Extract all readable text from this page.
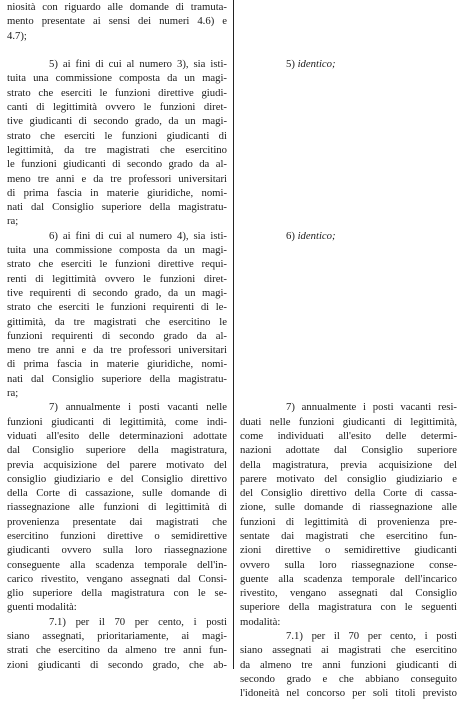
niosità con riguardo alle domande di tramuta-
mento presentate ai sensi dei numeri 4.6) e
4.7);
5) ai fini di cui al numero 3), sia isti-
tuita una commissione composta da un magi-
strato che eserciti le funzioni direttive giudi-
canti di legittimità ovvero le funzioni diret-
tive giudicanti di secondo grado, da un magi-
strato che eserciti le funzioni giudicanti di
legittimità, da tre magistrati che esercitino
le funzioni giudicanti di secondo grado da al-
meno tre anni e da tre professori universitari
di prima fascia in materie giuridiche, nomi-
nati dal Consiglio superiore della magistratu-
ra;
6) ai fini di cui al numero 4), sia isti-
tuita una commissione composta da un magi-
strato che eserciti le funzioni direttive requi-
renti di legittimità ovvero le funzioni diret-
tive requirenti di secondo grado, da un magi-
strato che eserciti le funzioni requirenti di le-
gittimità, da tre magistrati che esercitino le
funzioni requirenti di secondo grado da al-
meno tre anni e da tre professori universitari
di prima fascia in materie giuridiche, nomi-
nati dal Consiglio superiore della magistratu-
ra;
7) annualmente i posti vacanti nelle
funzioni giudicanti di legittimità, come indi-
viduati all'esito delle determinazioni adottate
dal Consiglio superiore della magistratura,
previa acquisizione del parere motivato del
consiglio giudiziario e del Consiglio direttivo
della Corte di cassazione, sulle domande di
riassegnazione alle funzioni di legittimità di
provenienza presentate dai magistrati che
esercitino funzioni direttive o semidirettive
giudicanti ovvero sulla loro riassegnazione
conseguente alla scadenza temporale dell'in-
carico rivestito, vengano assegnati dal Consi-
glio superiore della magistratura con le se-
guenti modalità:
7.1) per il 70 per cento, i posti
siano assegnati, prioritariamente, ai magi-
strati che esercitino da almeno tre anni fun-
zioni giudicanti di secondo grado, che ab-
5) identico;
6) identico;
7) annualmente i posti vacanti resi-
duati nelle funzioni giudicanti di legittimità,
come individuati all'esito delle determi-
nazioni adottate dal Consiglio superiore
della magistratura, previa acquisizione del
parere motivato del consiglio giudiziario e
del Consiglio direttivo della Corte di cassa-
zione, sulle domande di riassegnazione alle
funzioni di legittimità di provenienza pre-
sentate dai magistrati che esercitino fun-
zioni direttive o semidirettive giudicanti
ovvero sulla loro riassegnazione conse-
guente alla scadenza temporale dell'incarico
rivestito, vengano assegnati dal Consiglio
superiore della magistratura con le seguenti
modalità:
7.1) per il 70 per cento, i posti
siano assegnati ai magistrati che esercitino
da almeno tre anni funzioni giudicanti di
secondo grado e che abbiano conseguito
l'idoneità nel concorso per soli titoli previsto
